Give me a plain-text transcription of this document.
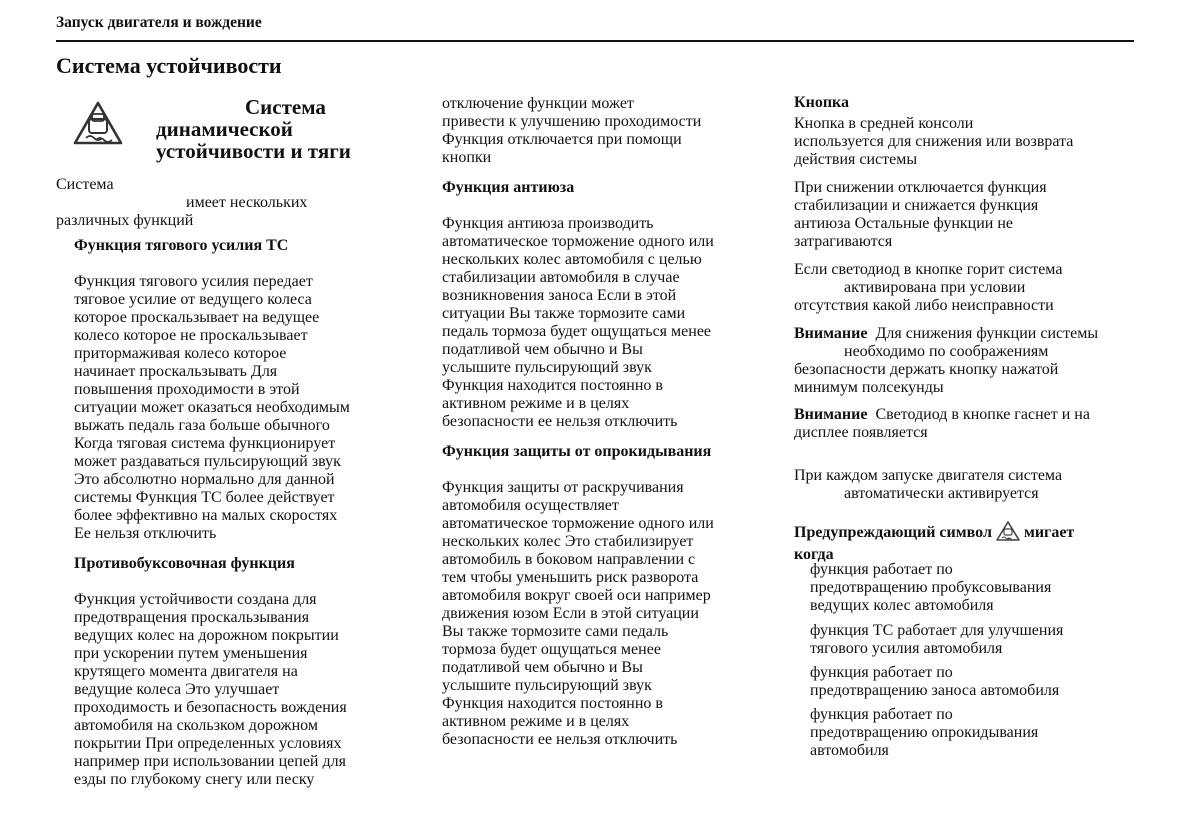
Запуск двигателя и вождение
Система устойчивости
Система
динамической
устойчивости и тяги

Система

имеет нескольких

различных функций

Функция тягового усилия TC

Функция тягового усилия передает

тяговое усилие от ведущего колеса

которое проскальзывает на ведущее

колесо которое не проскальзывает

притормаживая колесо которое

начинает проскальзывать Для

повышения проходимости в этой

ситуации может оказаться необходимым

выжать педаль газа больше обычного

Когда тяговая система функционирует

может раздаваться пульсирующий звук

Это абсолютно нормально для данной

системы Функция TC более действует

более эффективно на малых скоростях

Ее нельзя отключить

Противобуксовочная функция

Функция устойчивости создана для

предотвращения проскальзывания

ведущих колес на дорожном покрытии

при ускорении путем уменьшения

крутящего момента двигателя на

ведущие колеса Это улучшает

проходимость и безопасность вождения

автомобиля на скользком дорожном

покрытии При определенных условиях

например при использовании цепей для

езды по глубокому снегу или песку

отключение функции может

привести к улучшению проходимости

Функция отключается при помощи

кнопки

Функция антиюза

Функция антиюза производить

автоматическое торможение одного или

нескольких колес автомобиля с целью

стабилизации автомобиля в случае

возникновения заноса Если в этой

ситуации Вы также тормозите сами

педаль тормоза будет ощущаться менее

податливой чем обычно и Вы

услышите пульсирующий звук

Функция находится постоянно в

активном режиме и в целях

безопасности ее нельзя отключить

Функция защиты от опрокидывания

Функция защиты от раскручивания

автомобиля осуществляет

автоматическое торможение одного или

нескольких колес Это стабилизирует

автомобиль в боковом направлении с

тем чтобы уменьшить риск разворота

автомобиля вокруг своей оси например

движения юзом Если в этой ситуации

Вы также тормозите сами педаль

тормоза будет ощущаться менее

податливой чем обычно и Вы

услышите пульсирующий звук

Функция находится постоянно в

активном режиме и в целях

безопасности ее нельзя отключить

Кнопка

Кнопка в средней консоли

используется для снижения или возврата

действия системы

При снижении отключается функция

стабилизации и снижается функция

антиюза Остальные функции не

затрагиваются

Если светодиод в кнопке горит система

активирована при условии

отсутствия какой либо неисправности

Внимание Для снижения функции системы

необходимо по соображениям

безопасности держать кнопку нажатой

минимум полсекунды

Внимание Светодиод в кнопке гаснет и на

дисплее появляется

При каждом запуске двигателя система

автоматически активируется

Предупреждающий символ мигает
когда

функция работает по

предотвращению пробуксовывания

ведущих колес автомобиля

функция TC работает для улучшения

тягового усилия автомобиля

функция работает по

предотвращению заноса автомобиля

функция работает по

предотвращению опрокидывания

автомобиля
